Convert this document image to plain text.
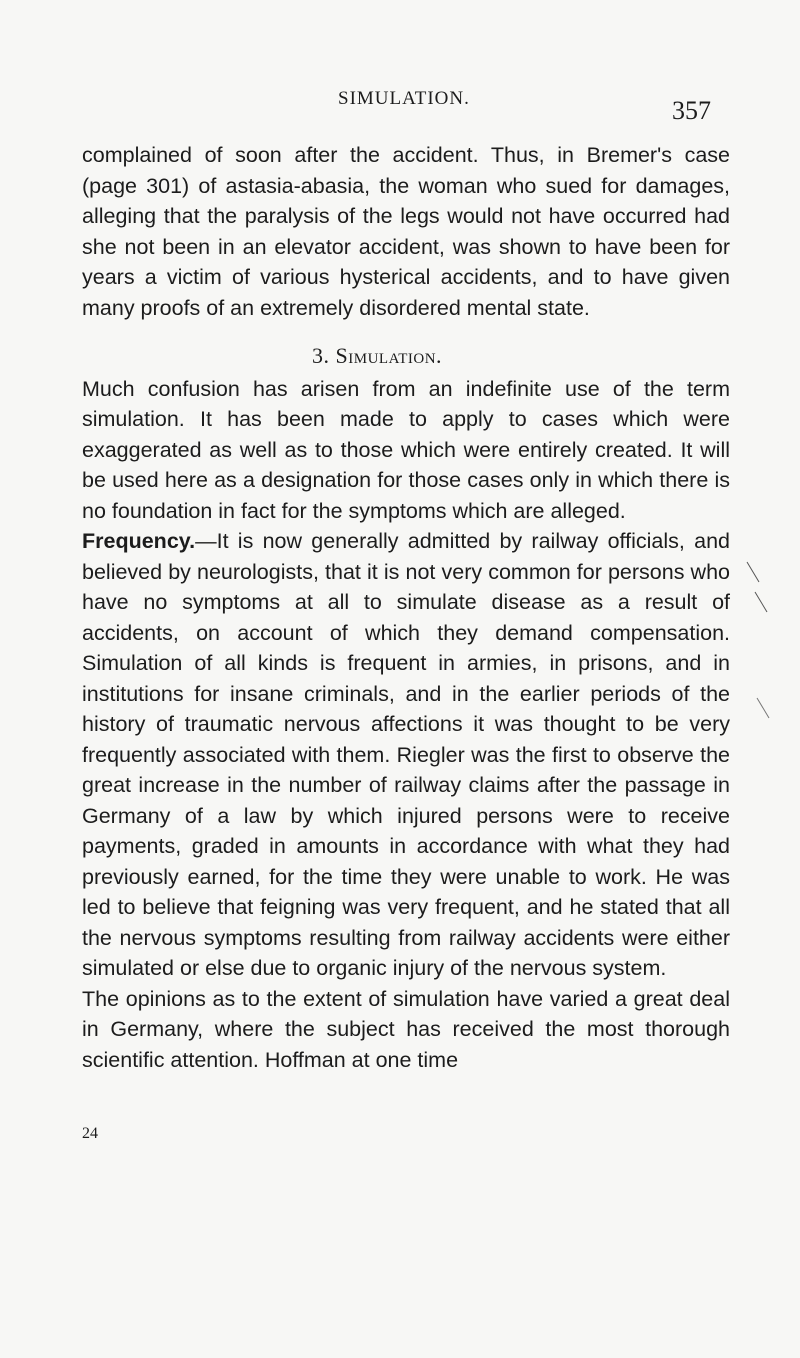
SIMULATION.	357

complained of soon after the accident. Thus, in Bremer's case (page 301) of astasia-abasia, the woman who sued for damages, alleging that the paralysis of the legs would not have occurred had she not been in an elevator accident, was shown to have been for years a victim of various hysterical accidents, and to have given many proofs of an extremely disordered mental state.

3. Simulation.

Much confusion has arisen from an indefinite use of the term simulation. It has been made to apply to cases which were exaggerated as well as to those which were entirely created. It will be used here as a designation for those cases only in which there is no foundation in fact for the symptoms which are alleged.

Frequency.—It is now generally admitted by railway officials, and believed by neurologists, that it is not very common for persons who have no symptoms at all to simulate disease as a result of accidents, on account of which they demand compensation. Simulation of all kinds is frequent in armies, in prisons, and in institutions for insane criminals, and in the earlier periods of the history of traumatic nervous affections it was thought to be very frequently associated with them. Riegler was the first to observe the great increase in the number of railway claims after the passage in Germany of a law by which injured persons were to receive payments, graded in amounts in accordance with what they had previously earned, for the time they were unable to work. He was led to believe that feigning was very frequent, and he stated that all the nervous symptoms resulting from railway accidents were either simulated or else due to organic injury of the nervous system.

The opinions as to the extent of simulation have varied a great deal in Germany, where the subject has received the most thorough scientific attention. Hoffman at one time

24
